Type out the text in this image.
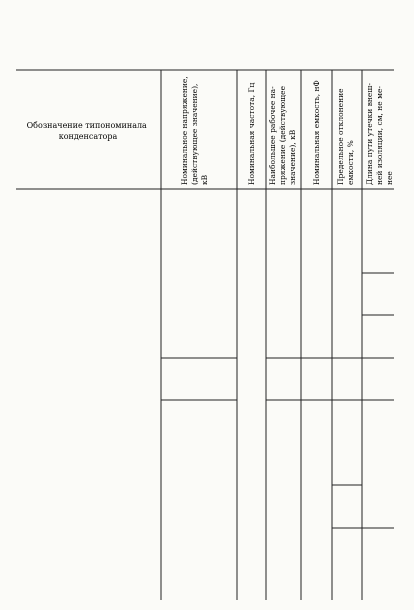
Обозначение типономинала конденсатора	Номинальное напряжение, (действующее значение), кВ	Номинальная частота, Гц Наибольшее рабочее на- пряжение (действующее значение), кВ Номинальная емкость, нФ Предельное отклонение емкости, % Длина пути утечки внеш- ней изоляции, см, не ме- нее
